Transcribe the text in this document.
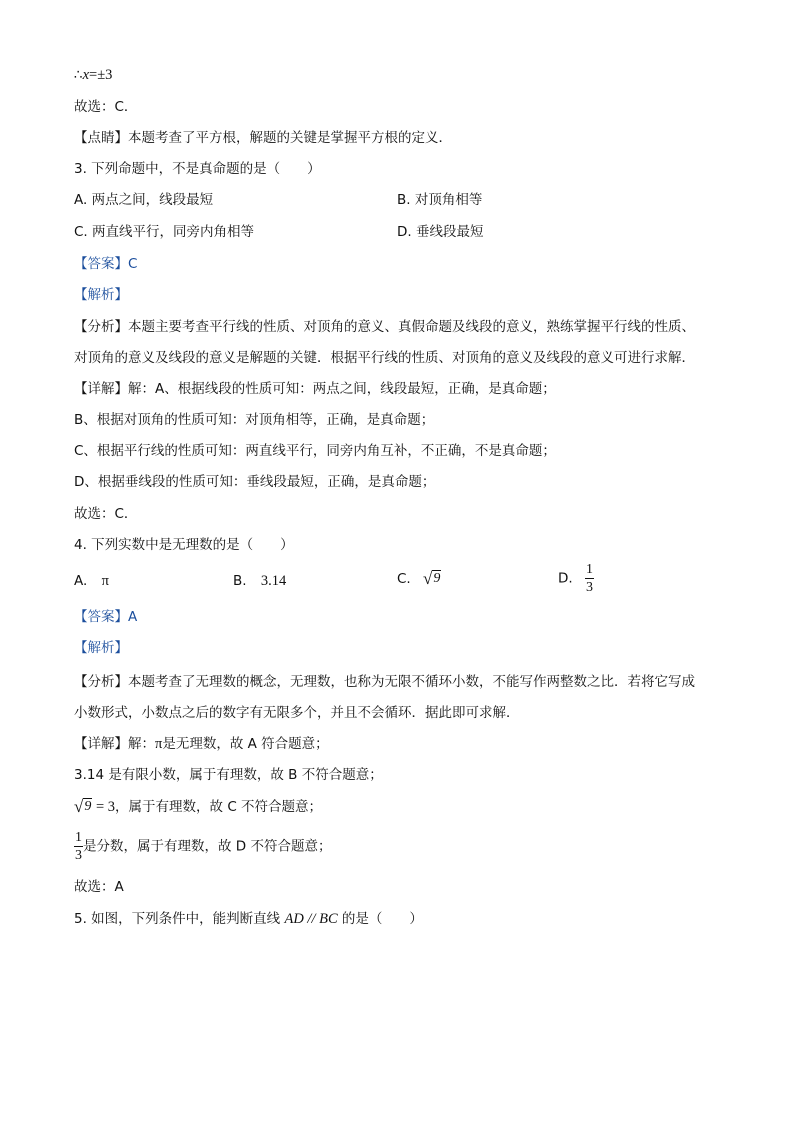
∴x=±3
故选：C．
【点睛】本题考查了平方根，解题的关键是掌握平方根的定义．
3. 下列命题中，不是真命题的是（　　）
A. 两点之间，线段最短	B. 对顶角相等
C. 两直线平行，同旁内角相等	D. 垂线段最短
【答案】C
【解析】
【分析】本题主要考查平行线的性质、对顶角的意义、真假命题及线段的意义，熟练掌握平行线的性质、
对顶角的意义及线段的意义是解题的关键．根据平行线的性质、对顶角的意义及线段的意义可进行求解．
【详解】解：A、根据线段的性质可知：两点之间，线段最短，正确，是真命题；
B、根据对顶角的性质可知：对顶角相等，正确，是真命题；
C、根据平行线的性质可知：两直线平行，同旁内角互补，不正确，不是真命题；
D、根据垂线段的性质可知：垂线段最短，正确，是真命题；
故选：C．
4. 下列实数中是无理数的是（　　）
A. π	B. 3.14	C. √ 9	D. $\frac{1}{3}$
【答案】A
【解析】
【分析】本题考查了无理数的概念，无理数，也称为无限不循环小数，不能写作两整数之比．若将它写成
小数形式，小数点之后的数字有无限多个，并且不会循环．据此即可求解．
【详解】解：π是无理数，故 A 符合题意；
3.14 是有限小数，属于有理数，故 B 不符合题意；
√ 9 = 3，属于有理数，故 C 不符合题意；
$\frac{1}{3}$ 是分数，属于有理数，故 D 不符合题意；
故选：A
5. 如图，下列条件中，能判断直线 AD // BC 的是（　　）
